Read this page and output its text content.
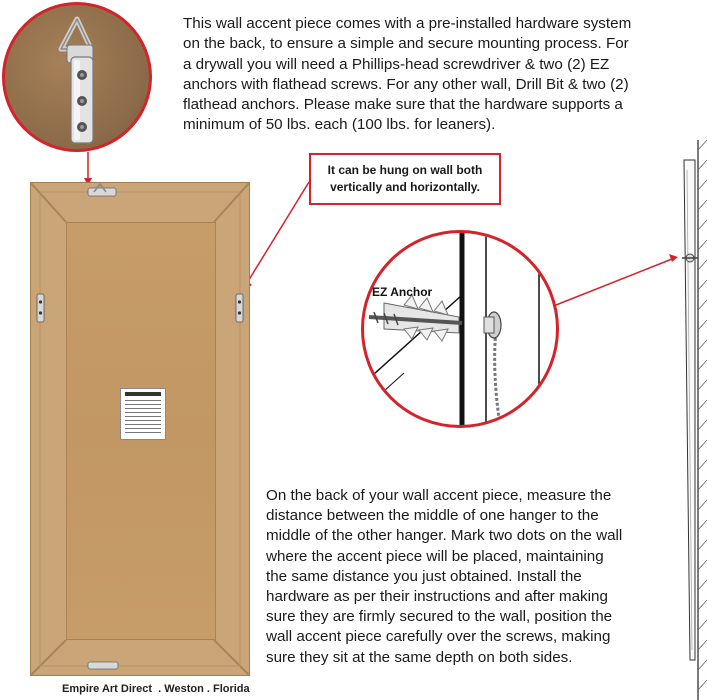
This wall accent piece comes with a pre-installed hardware system
on the back, to ensure a simple and secure mounting process. For
a drywall you will need a Phillips-head screwdriver & two (2) EZ
anchors with flathead screws. For any other wall, Drill Bit & two (2)
flathead anchors. Please make sure that the hardware supports a
minimum of 50 lbs. each (100 lbs. for leaners).
It can be hung on wall both
vertically and horizontally.
EZ Anchor
On the back of your wall accent piece, measure the
distance between the middle of one hanger to the
middle of the other hanger. Mark two dots on the wall
where the accent piece will be placed, maintaining
the same distance you just obtained. Install the
hardware as per their instructions and after making
sure they are firmly secured to the wall, position the
wall accent piece carefully over the screws, making
sure they sit at the same depth on both sides.
Empire Art Direct  . Weston . Florida
